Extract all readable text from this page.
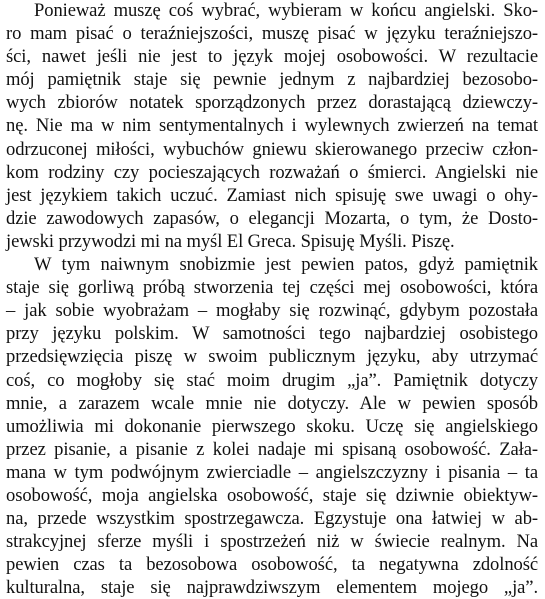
Ponieważ muszę coś wybrać, wybieram w końcu angielski. Sko-
ro mam pisać o teraźniejszości, muszę pisać w języku teraźniejszo-
ści, nawet jeśli nie jest to język mojej osobowości. W rezultacie
mój pamiętnik staje się pewnie jednym z najbardziej bezosobo-
wych zbiorów notatek sporządzonych przez dorastającą dziewczy-
nę. Nie ma w nim sentymentalnych i wylewnych zwierzeń na temat
odrzuconej miłości, wybuchów gniewu skierowanego przeciw człon-
kom rodziny czy pocieszających rozważań o śmierci. Angielski nie
jest językiem takich uczuć. Zamiast nich spisuję swe uwagi o ohy-
dzie zawodowych zapasów, o elegancji Mozarta, o tym, że Dosto-
jewski przywodzi mi na myśl El Greca. Spisuję Myśli. Piszę.
W tym naiwnym snobizmie jest pewien patos, gdyż pamiętnik
staje się gorliwą próbą stworzenia tej części mej osobowości, która
– jak sobie wyobrażam – mogłaby się rozwinąć, gdybym pozostała
przy języku polskim. W samotności tego najbardziej osobistego
przedsięwzięcia piszę w swoim publicznym języku, aby utrzymać
coś, co mogłoby się stać moim drugim „ja”. Pamiętnik dotyczy
mnie, a zarazem wcale mnie nie dotyczy. Ale w pewien sposób
umożliwia mi dokonanie pierwszego skoku. Uczę się angielskiego
przez pisanie, a pisanie z kolei nadaje mi spisaną osobowość. Zała-
mana w tym podwójnym zwierciadle – angielszczyzny i pisania – ta
osobowość, moja angielska osobowość, staje się dziwnie obiektyw-
na, przede wszystkim spostrzegawcza. Egzystuje ona łatwiej w ab-
strakcyjnej sferze myśli i spostrzeżeń niż w świecie realnym. Na
pewien czas ta bezosobowa osobowość, ta negatywna zdolność
kulturalna, staje się najprawdziwszym elementem mojego „ja”.
